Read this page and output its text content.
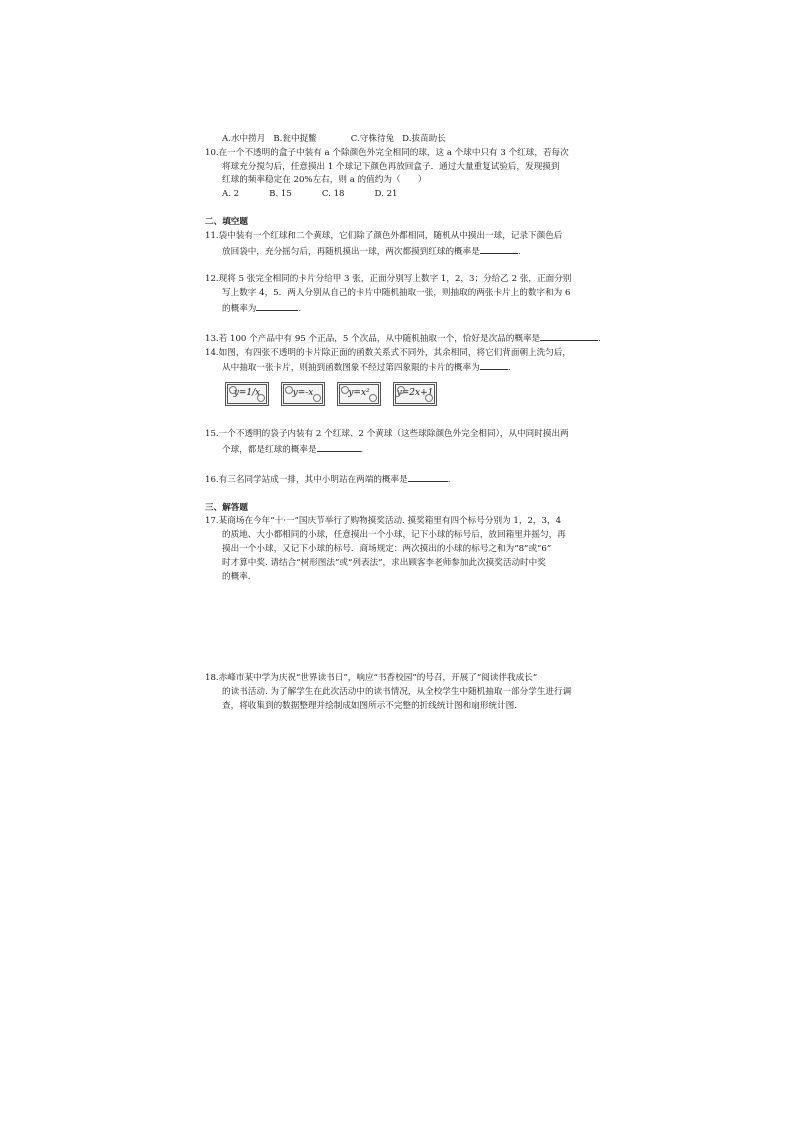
A.水中捞月 B.瓮中捉鳖	C.守株待兔 D.拔苗助长
10.在一个不透明的盒子中装有 a 个除颜色外完全相同的球，这 a 个球中只有 3 个红球，若每次
将球充分搅匀后，任意摸出 1 个球记下颜色再放回盒子．通过大量重复试验后，发现摸到
红球的频率稳定在 20%左右，则 a 的值约为（　　）
A. 2	B. 15	C. 18	D. 21
二、填空题
11.袋中装有一个红球和二个黄球，它们除了颜色外都相同，随机从中摸出一球，记录下颜色后
放回袋中，充分摇匀后，再随机摸出一球，两次都摸到红球的概率是	.
12.现将 5 张完全相同的卡片分给甲 3 张，正面分别写上数字 1，2，3；分给乙 2 张，正面分别
写上数字 4，5．两人分别从自己的卡片中随机抽取一张，则抽取的两张卡片上的数字和为 6
的概率为	.
13.若 100 个产品中有 95 个正品，5 个次品，从中随机抽取一个，恰好是次品的概率是	.
14.如图，有四张不透明的卡片除正面的函数关系式不同外，其余相同，将它们背面朝上洗匀后，
从中抽取一张卡片，则抽到函数图象不经过第四象限的卡片的概率为	.
y=1/x	y=-x	y=x²	y=2x+1
15.一个不透明的袋子内装有 2 个红球、2 个黄球（这些球除颜色外完全相同），从中同时摸出两
个球，都是红球的概率是	.
16.有三名同学站成一排，其中小明站在两端的概率是	.
三、解答题
17.某商场在今年“十·一”国庆节举行了购物摸奖活动. 摸奖箱里有四个标号分别为 1，2，3，4
的质地、大小都相同的小球，任意摸出一个小球，记下小球的标号后，放回箱里并摇匀，再
摸出一个小球，又记下小球的标号．商场规定：两次摸出的小球的标号之和为“8”或“6”
时才算中奖. 请结合“树形图法”或“列表法”，求出顾客李老师参加此次摸奖活动时中奖
的概率.
18.赤峰市某中学为庆祝“世界读书日”，响应“书香校园”的号召，开展了“阅读伴我成长”
的读书活动. 为了解学生在此次活动中的读书情况，从全校学生中随机抽取一部分学生进行调
查，将收集到的数据整理并绘制成如图所示不完整的折线统计图和扇形统计图.
